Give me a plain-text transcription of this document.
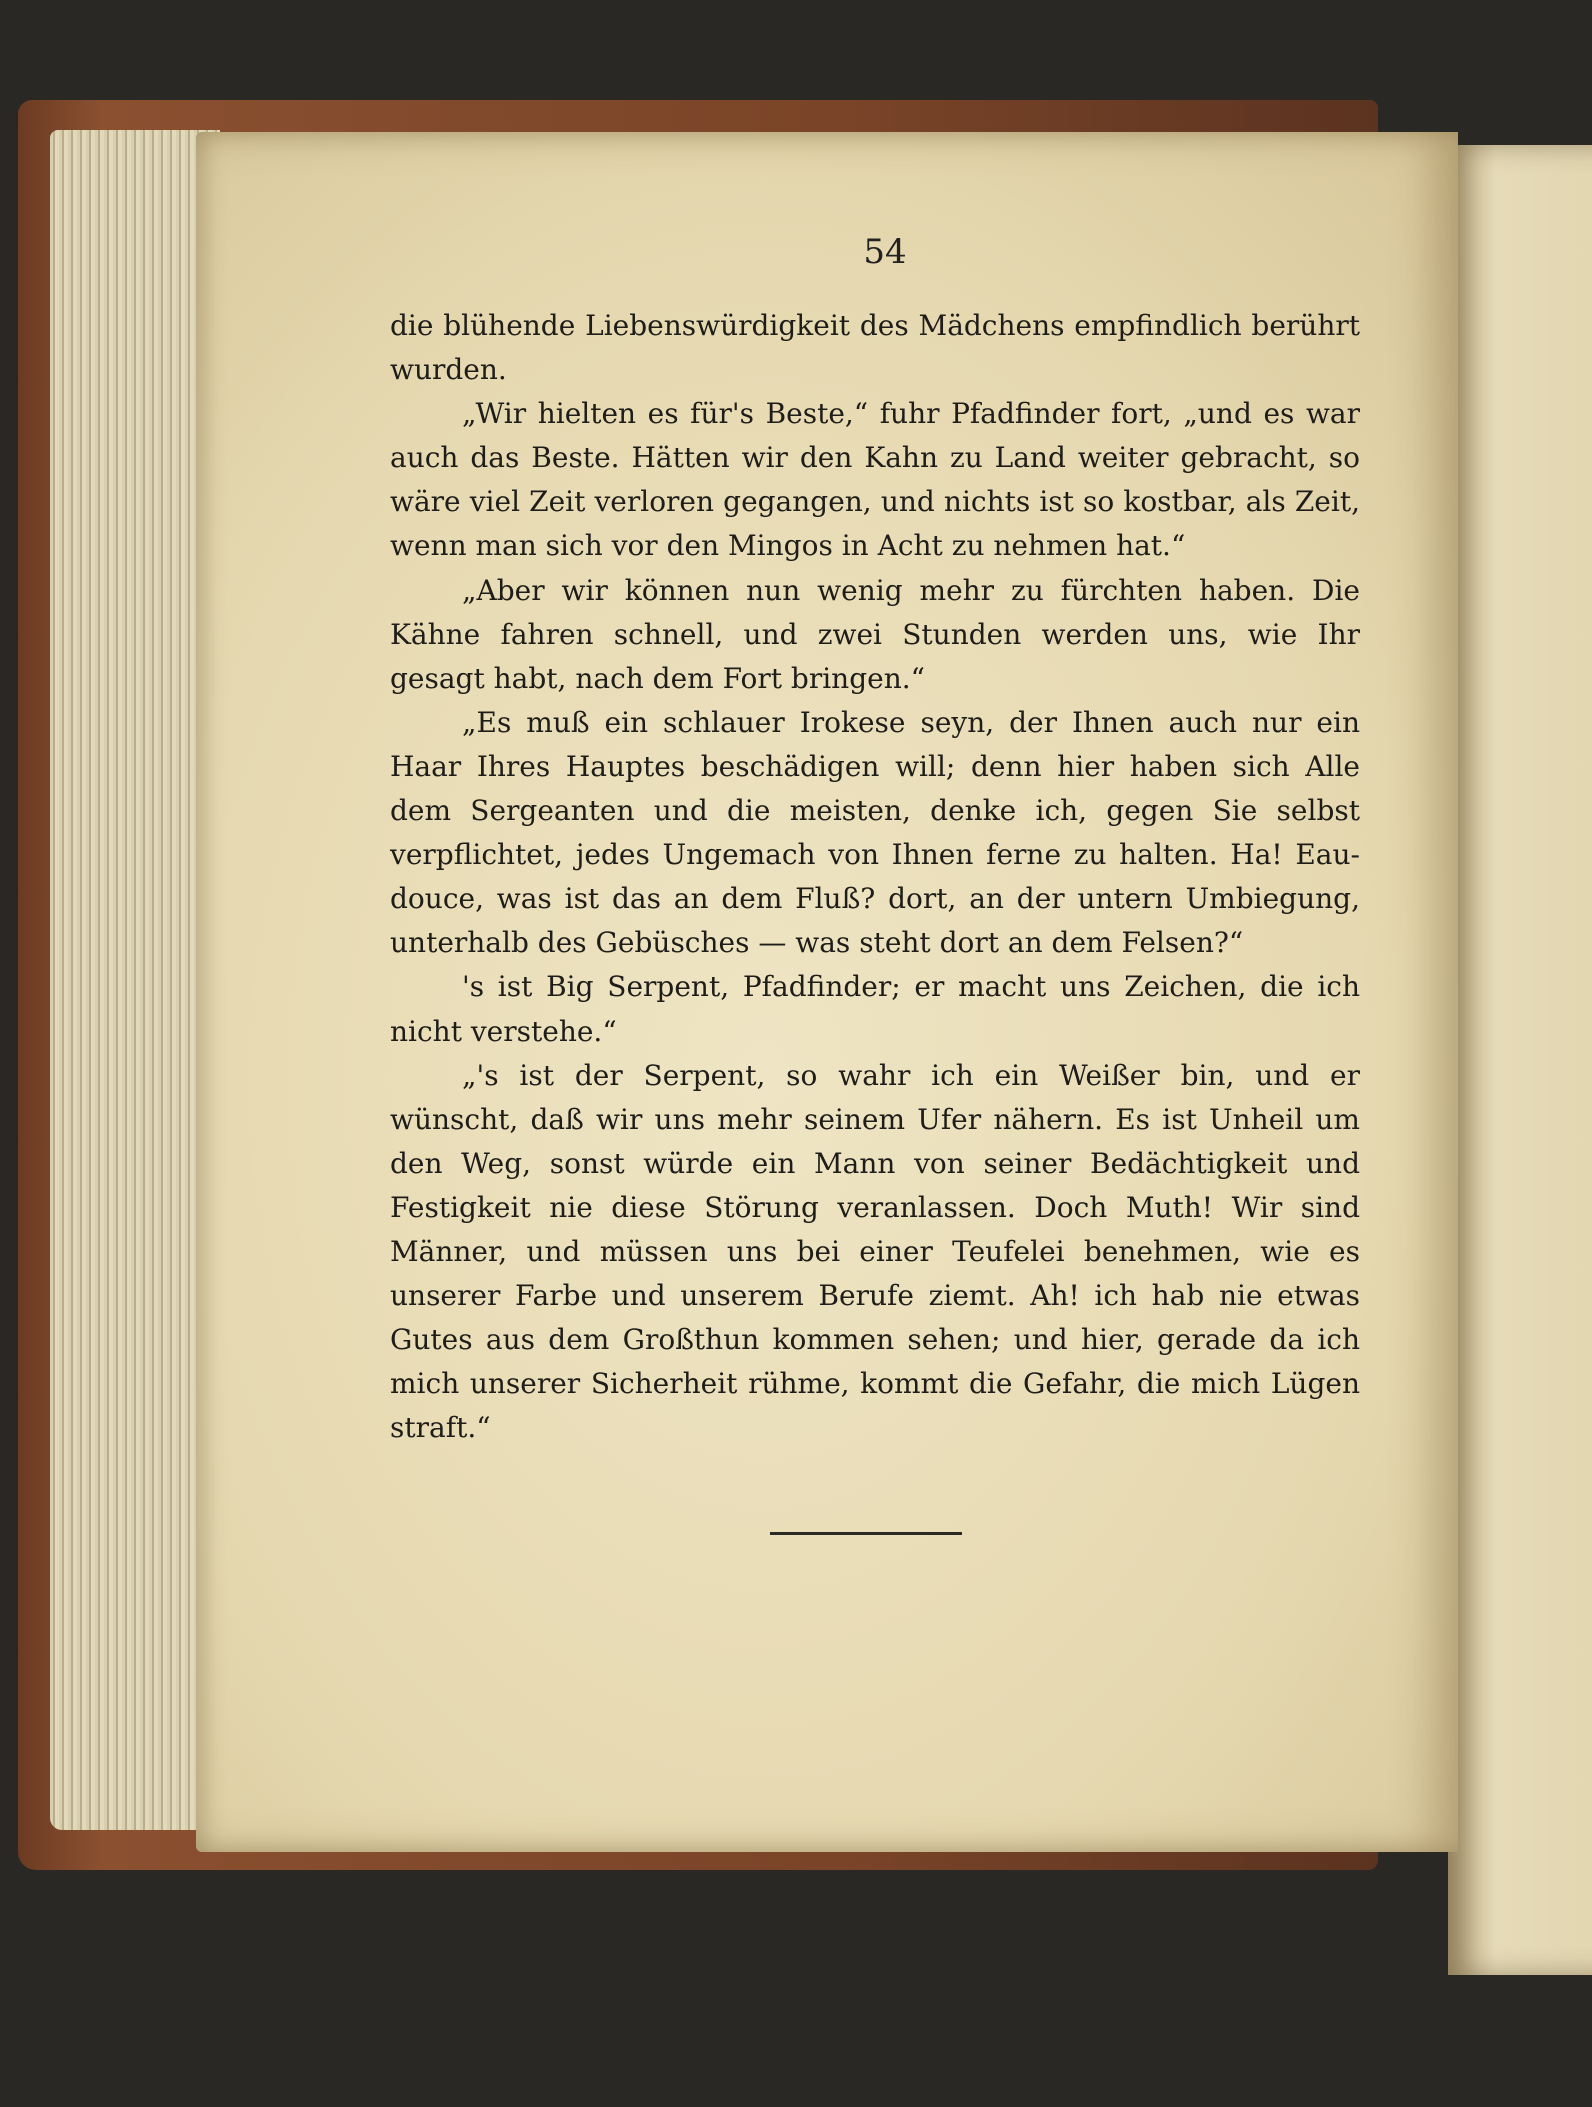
54

die blühende Liebenswürdigkeit des Mädchens empfindlich berührt wurden.

„Wir hielten es für's Beste,“ fuhr Pfadfinder fort, „und es war auch das Beste. Hätten wir den Kahn zu Land weiter gebracht, so wäre viel Zeit verloren gegangen, und nichts ist so kostbar, als Zeit, wenn man sich vor den Mingos in Acht zu nehmen hat.“

„Aber wir können nun wenig mehr zu fürchten haben. Die Kähne fahren schnell, und zwei Stunden werden uns, wie Ihr gesagt habt, nach dem Fort bringen.“

„Es muß ein schlauer Irokese seyn, der Ihnen auch nur ein Haar Ihres Hauptes beschädigen will; denn hier haben sich Alle dem Sergeanten und die meisten, denke ich, gegen Sie selbst verpflichtet, jedes Ungemach von Ihnen ferne zu halten. Ha! Eau-douce, was ist das an dem Fluß? dort, an der untern Umbiegung, unterhalb des Gebüsches — was steht dort an dem Felsen?“

's ist Big Serpent, Pfadfinder; er macht uns Zeichen, die ich nicht verstehe.“

„'s ist der Serpent, so wahr ich ein Weißer bin, und er wünscht, daß wir uns mehr seinem Ufer nähern. Es ist Unheil um den Weg, sonst würde ein Mann von seiner Bedächtigkeit und Festigkeit nie diese Störung veranlassen. Doch Muth! Wir sind Männer, und müssen uns bei einer Teufelei benehmen, wie es unserer Farbe und unserem Berufe ziemt. Ah! ich hab nie etwas Gutes aus dem Großthun kommen sehen; und hier, gerade da ich mich unserer Sicherheit rühme, kommt die Gefahr, die mich Lügen straft.“
